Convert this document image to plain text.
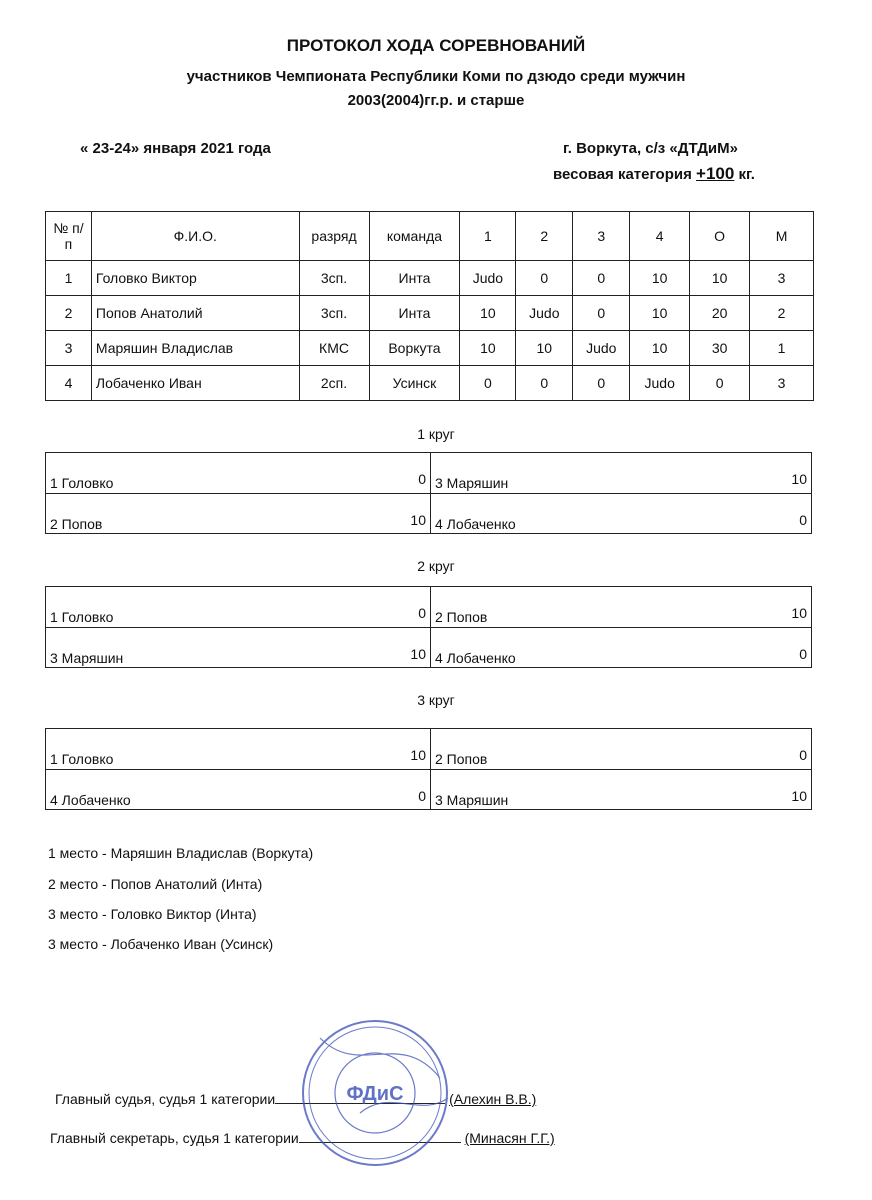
ПРОТОКОЛ ХОДА СОРЕВНОВАНИЙ
участников Чемпионата Республики Коми по дзюдо среди мужчин
2003(2004)гг.р. и старше
« 23-24» января 2021 года	г. Воркута, с/з «ДТДиМ»
весовая категория +100 кг.
№ п/п	Ф.И.О.	разряд	команда	1	2	3	4	О	М
1	Головко Виктор	3сп.	Инта	Judo	0	0	10	10	3
2	Попов Анатолий	3сп.	Инта	10	Judo	0	10	20	2
3	Маряшин Владислав	КМС	Воркута	10	10	Judo	10	30	1
4	Лобаченко Иван	2сп.	Усинск	0	0	0	Judo	0	3
1 круг
1 Головко	0 3 Маряшин	10
2 Попов	10 4 Лобаченко	0
2 круг
1 Головко	0 2 Попов	10
3 Маряшин	10 4 Лобаченко	0
3 круг
1 Головко	10 2 Попов	0
4 Лобаченко	0 3 Маряшин	10
1 место - Маряшин Владислав (Воркута)
2 место - Попов Анатолий (Инта)
3 место - Головко Виктор (Инта)
3 место - Лобаченко Иван (Усинск)
Главный судья, судья 1 категории	(Алехин В.В.)
Главный секретарь, судья 1 категории	(Минасян Г.Г.)
ФДиС
